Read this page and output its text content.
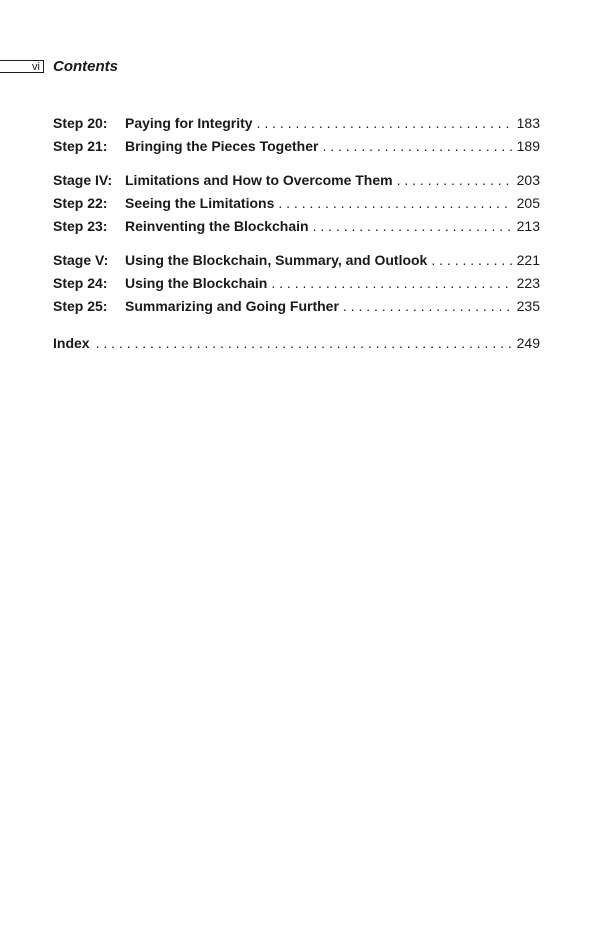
vi Contents
Step 20:	Paying for Integrity . . .	183
Step 21:	Bringing the Pieces Together . . .	189
Stage IV: Limitations and How to Overcome Them . . .	203
Step 22:	Seeing the Limitations . . .	205
Step 23:	Reinventing the Blockchain . . .	213
Stage V:	Using the Blockchain, Summary, and Outlook . . .	221
Step 24:	Using the Blockchain . . .	223
Step 25:	Summarizing and Going Further . . .	235
Index . . .	249
